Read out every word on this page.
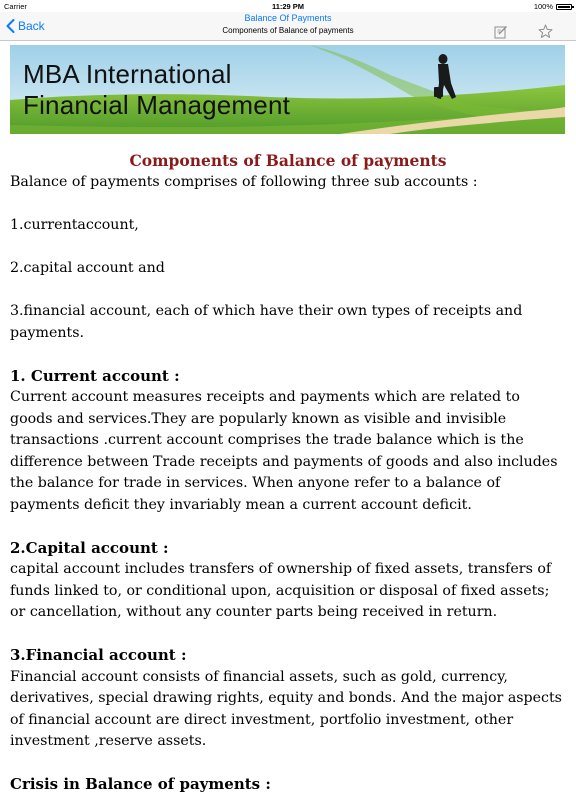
Carrier	11:29 PM	100%
Back
Balance Of Payments
Components of Balance of payments
MBA International
Financial Management
Components of Balance of payments

Balance of payments comprises of following three sub accounts :

1.currentaccount,

2.capital account and

3.financial account, each of which have their own types of receipts and payments.

1. Current account :

Current account measures receipts and payments which are related to goods and services.They are popularly known as visible and invisible transactions .current account comprises the trade balance which is the difference between Trade receipts and payments of goods and also includes the balance for trade in services. When anyone refer to a balance of payments deficit they invariably mean a current account deficit.

2.Capital account :

capital account includes transfers of ownership of fixed assets, transfers of funds linked to, or conditional upon, acquisition or disposal of fixed assets; or cancellation, without any counter parts being received in return.

3.Financial account :

Financial account consists of financial assets, such as gold, currency, derivatives, special drawing rights, equity and bonds. And the major aspects of financial account are direct investment, portfolio investment, other investment ,reserve assets.

Crisis in Balance of payments :
